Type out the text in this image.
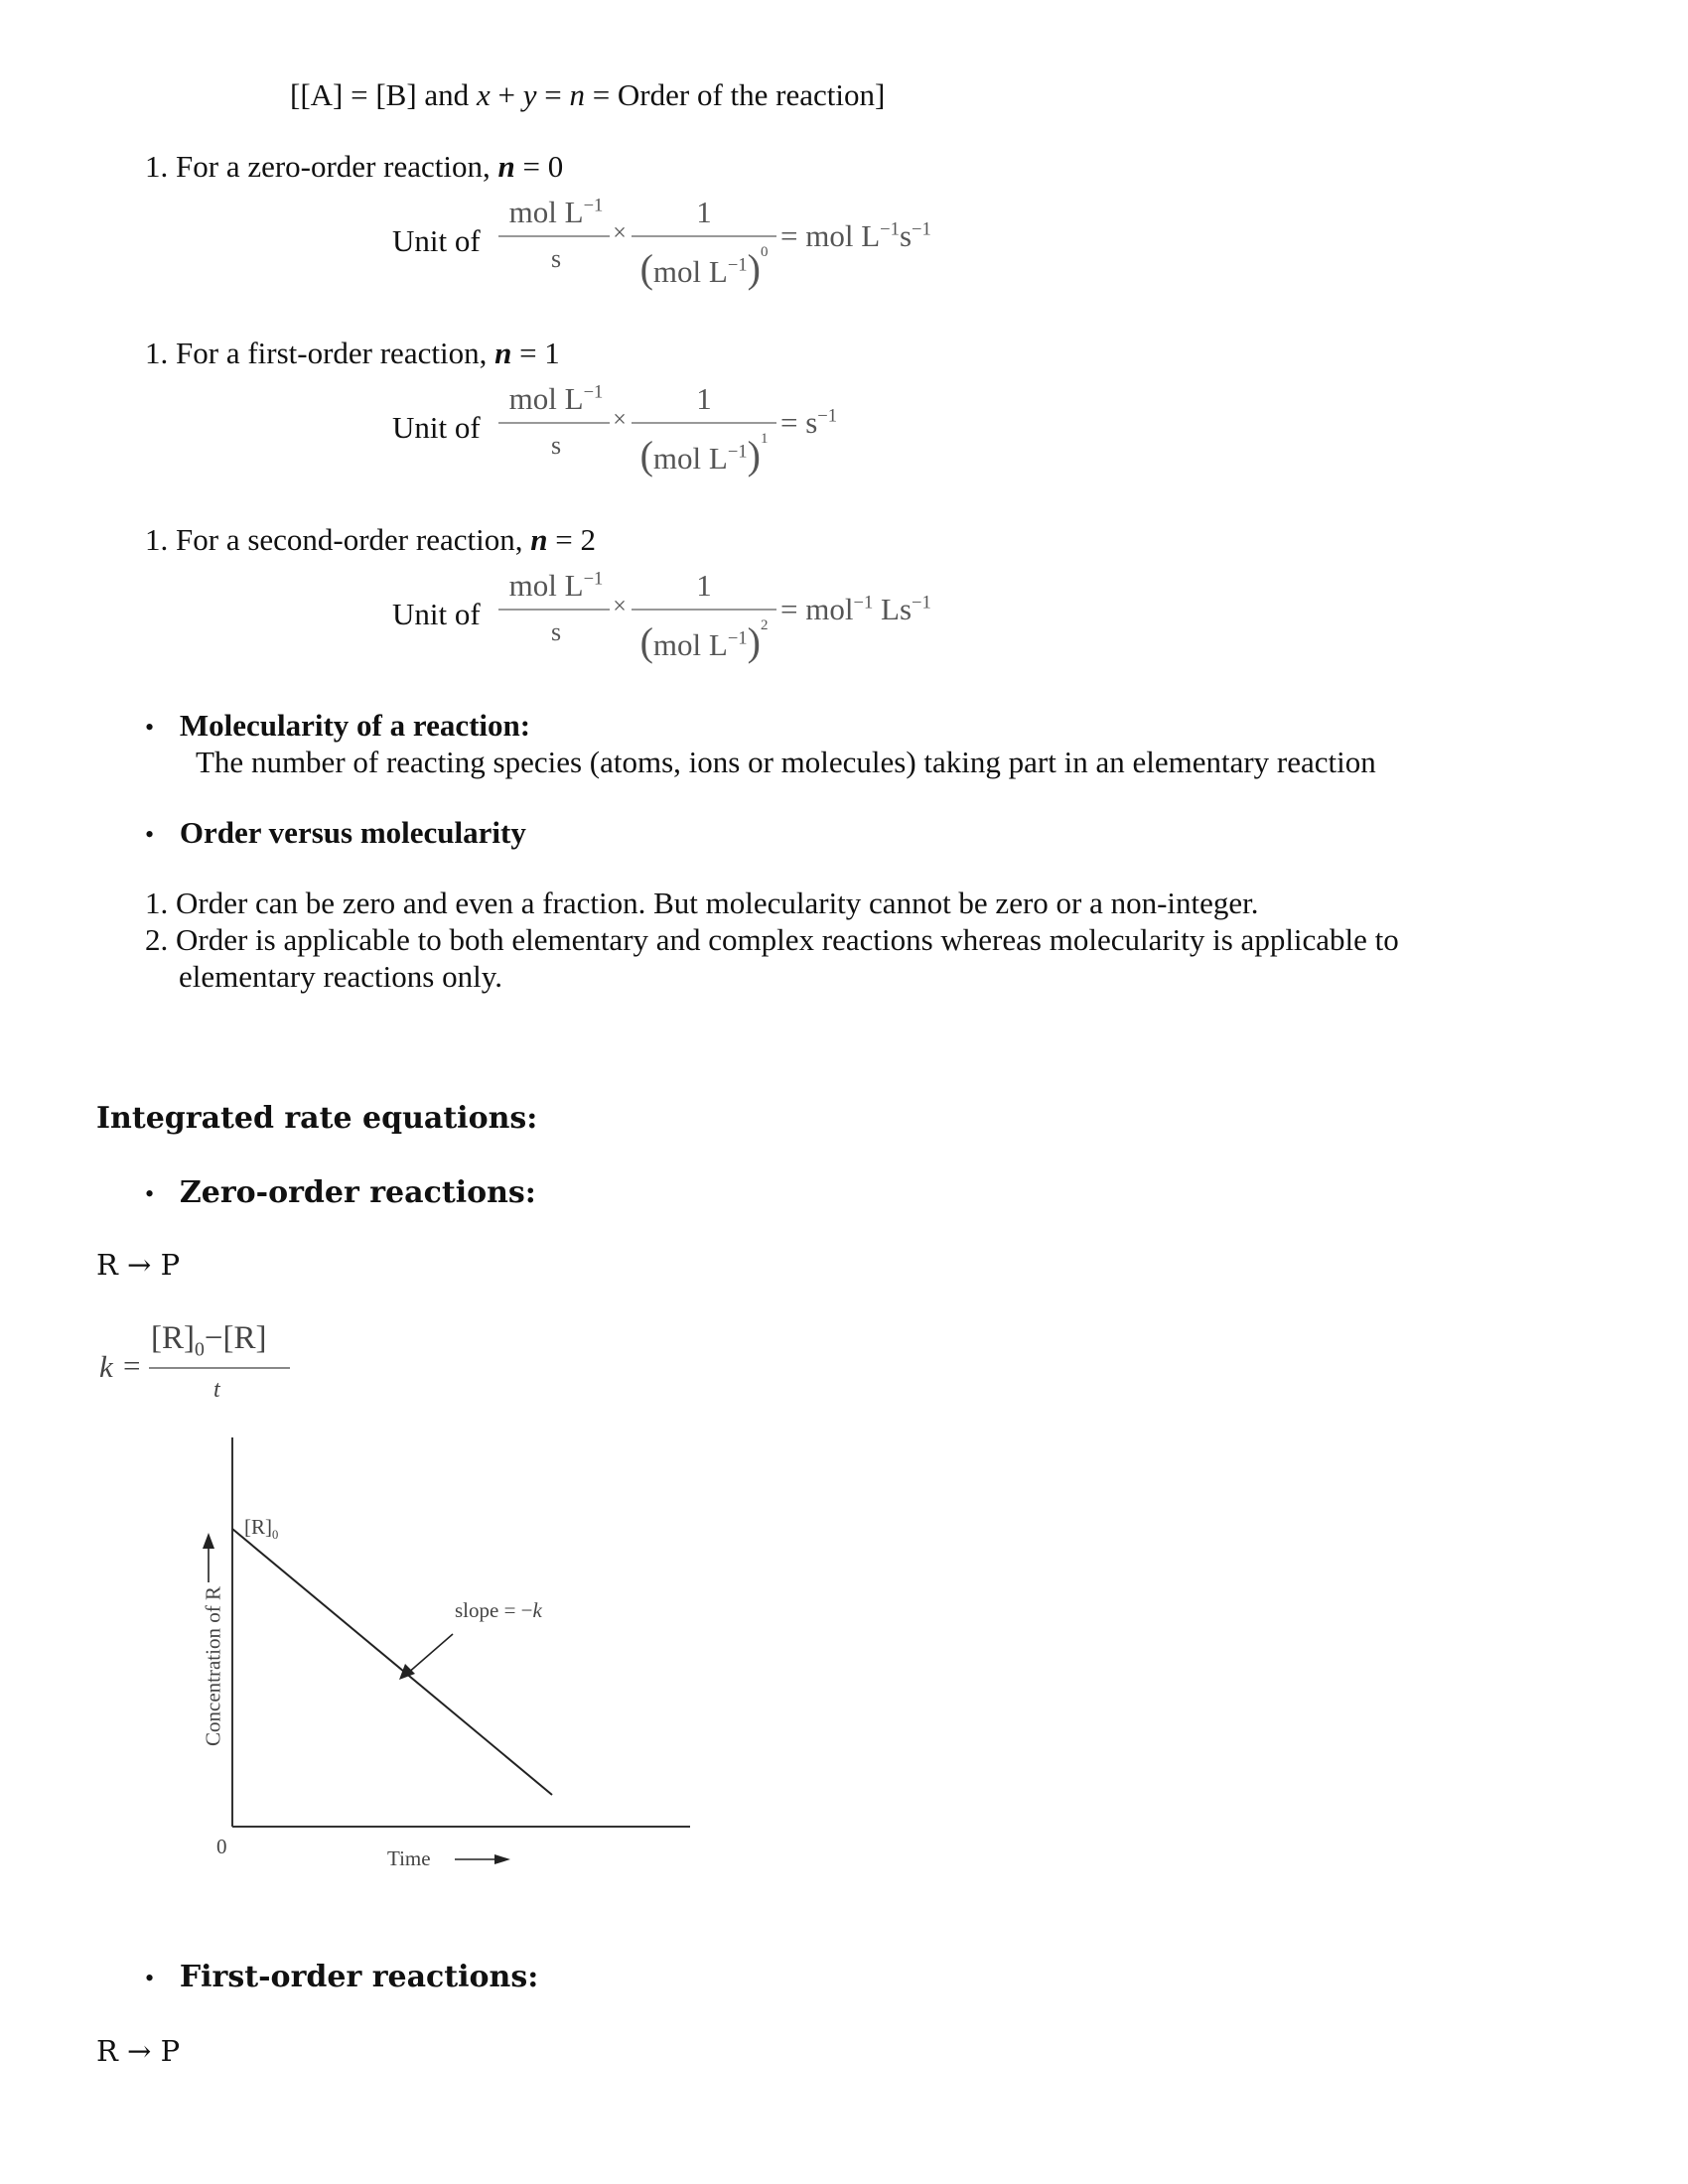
[[A] = [B] and x + y = n = Order of the reaction]
1. For a zero-order reaction, n = 0
Unit of
mol $L^{-1}$
s
×
1
(mol $L^{-1})^0$ = mol $L^{-1}s^{-1}$
1. For a first-order reaction, n = 1
Unit of
mol $L^{-1}$
s
×
1
(mol $L^{-1})^1 = s^{-1}$
1. For a second-order reaction, n = 2
Unit of
mol $L^{-1}$
s
×
1
(mol $L^{-1})^2 = mol^{-1}$ $Ls^{-1}$
• Molecularity of a reaction:
The number of reacting species (atoms, ions or molecules) taking part in an elementary reaction
• Order versus molecularity
1. Order can be zero and even a fraction. But molecularity cannot be zero or a non-integer.
2. Order is applicable to both elementary and complex reactions whereas molecularity is applicable to
elementary reactions only.
Integrated rate equations:
• Zero-order reactions:
R → P
k =
$[R]_0-[R]$
t
$[R]_0$
slope = −k
0	Time
Concentration of R
• First-order reactions:
R → P
